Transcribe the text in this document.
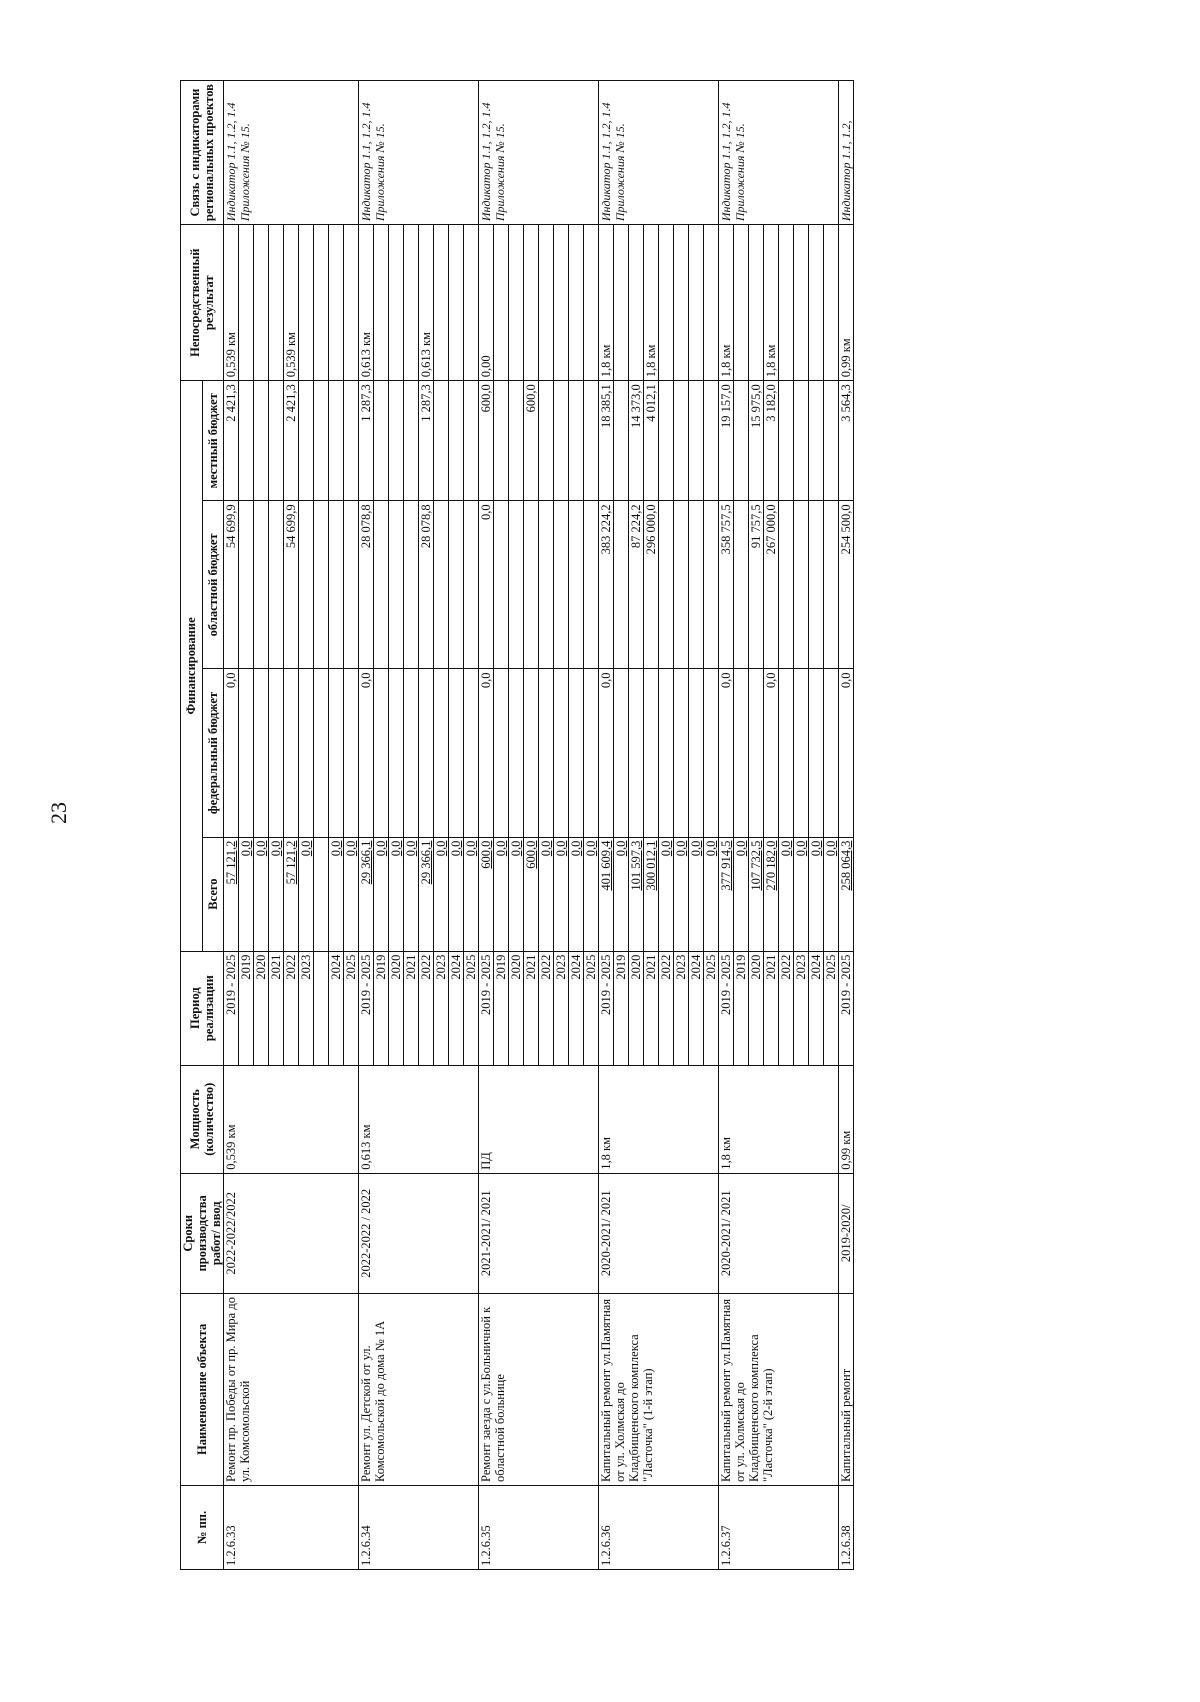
23
№ пп.	Наименование объекта	Сроки производства работ/ ввод	Мощность (количество)	Период реализации	Финансирование				Непосредственный результат	Связь с индикаторами региональных проектов
					Всего	федеральный бюджет	областной бюджет	местный бюджет		
1.2.6.33	Ремонт пр. Победы от пр. Мира до ул. Комсомольской	2022-2022/2022	0,539 км	2019 - 2025	57 121,2	0,0	54 699,9	2 421,3	0,539 км	Индикатор 1.1, 1.2, 1.4 Приложения № 15.
				2019	0,0					
				2020	0,0					
				2021	0,0					
				2022	57 121,2		54 699,9	2 421,3	0,539 км	
				2023	0,0					

				2024	0,0					
				2025	0,0					
1.2.6.34	Ремонт ул. Детской от ул. Комсомольской до дома № 1А	2022-2022 / 2022	0,613 км	2019 - 2025	29 366,1	0,0	28 078,8	1 287,3	0,613 км	Индикатор 1.1, 1.2, 1.4 Приложения № 15.
				2019	0,0					
				2020	0,0					
				2021	0,0					
				2022	29 366,1		28 078,8	1 287,3	0,613 км	
				2023	0,0					
				2024	0,0					
				2025	0,0					
1.2.6.35	Ремонт заезда с ул.Больничной к областной больнице	2021-2021/ 2021	ПД	2019 - 2025	600,0	0,0	0,0	600,0	0,00	Индикатор 1.1, 1.2, 1.4 Приложения № 15.
				2019	0,0					
				2020	0,0					
				2021	600,0			600,0		
				2022	0,0					
				2023	0,0					
				2024	0,0					
				2025	0,0					
1.2.6.36	Капитальный ремонт ул.Памятная от ул. Холмская до Кладбищенского комплекса "Ласточка" (1-й этап)	2020-2021/ 2021	1,8 км	2019 - 2025	401 609,4	0,0	383 224,2	18 385,1	1,8 км	Индикатор 1.1, 1.2, 1.4 Приложения № 15.
				2019	0,0					
				2020	101 597,3		87 224,2	14 373,0		
				2021	300 012,1		296 000,0	4 012,1	1,8 км	
				2022	0,0					
				2023	0,0					
				2024	0,0					
				2025	0,0					
1.2.6.37	Капитальный ремонт ул.Памятная от ул. Холмская до Кладбищенского комплекса "Ласточка" (2-й этап)	2020-2021/ 2021	1,8 км	2019 - 2025	377 914,5	0,0	358 757,5	19 157,0	1,8 км	Индикатор 1.1, 1.2, 1.4 Приложения № 15.
				2019	0,0					
				2020	107 732,5		91 757,5	15 975,0		
				2021	270 182,0	0,0	267 000,0	3 182,0	1,8 км	
				2022	0,0					
				2023	0,0					
				2024	0,0					
				2025	0,0					
1.2.6.38	Капитальный ремонт	2019-2020/	0,99 км	2019 - 2025	258 064,3	0,0	254 500,0	3 564,3	0,99 км	Индикатор 1.1, 1.2,
